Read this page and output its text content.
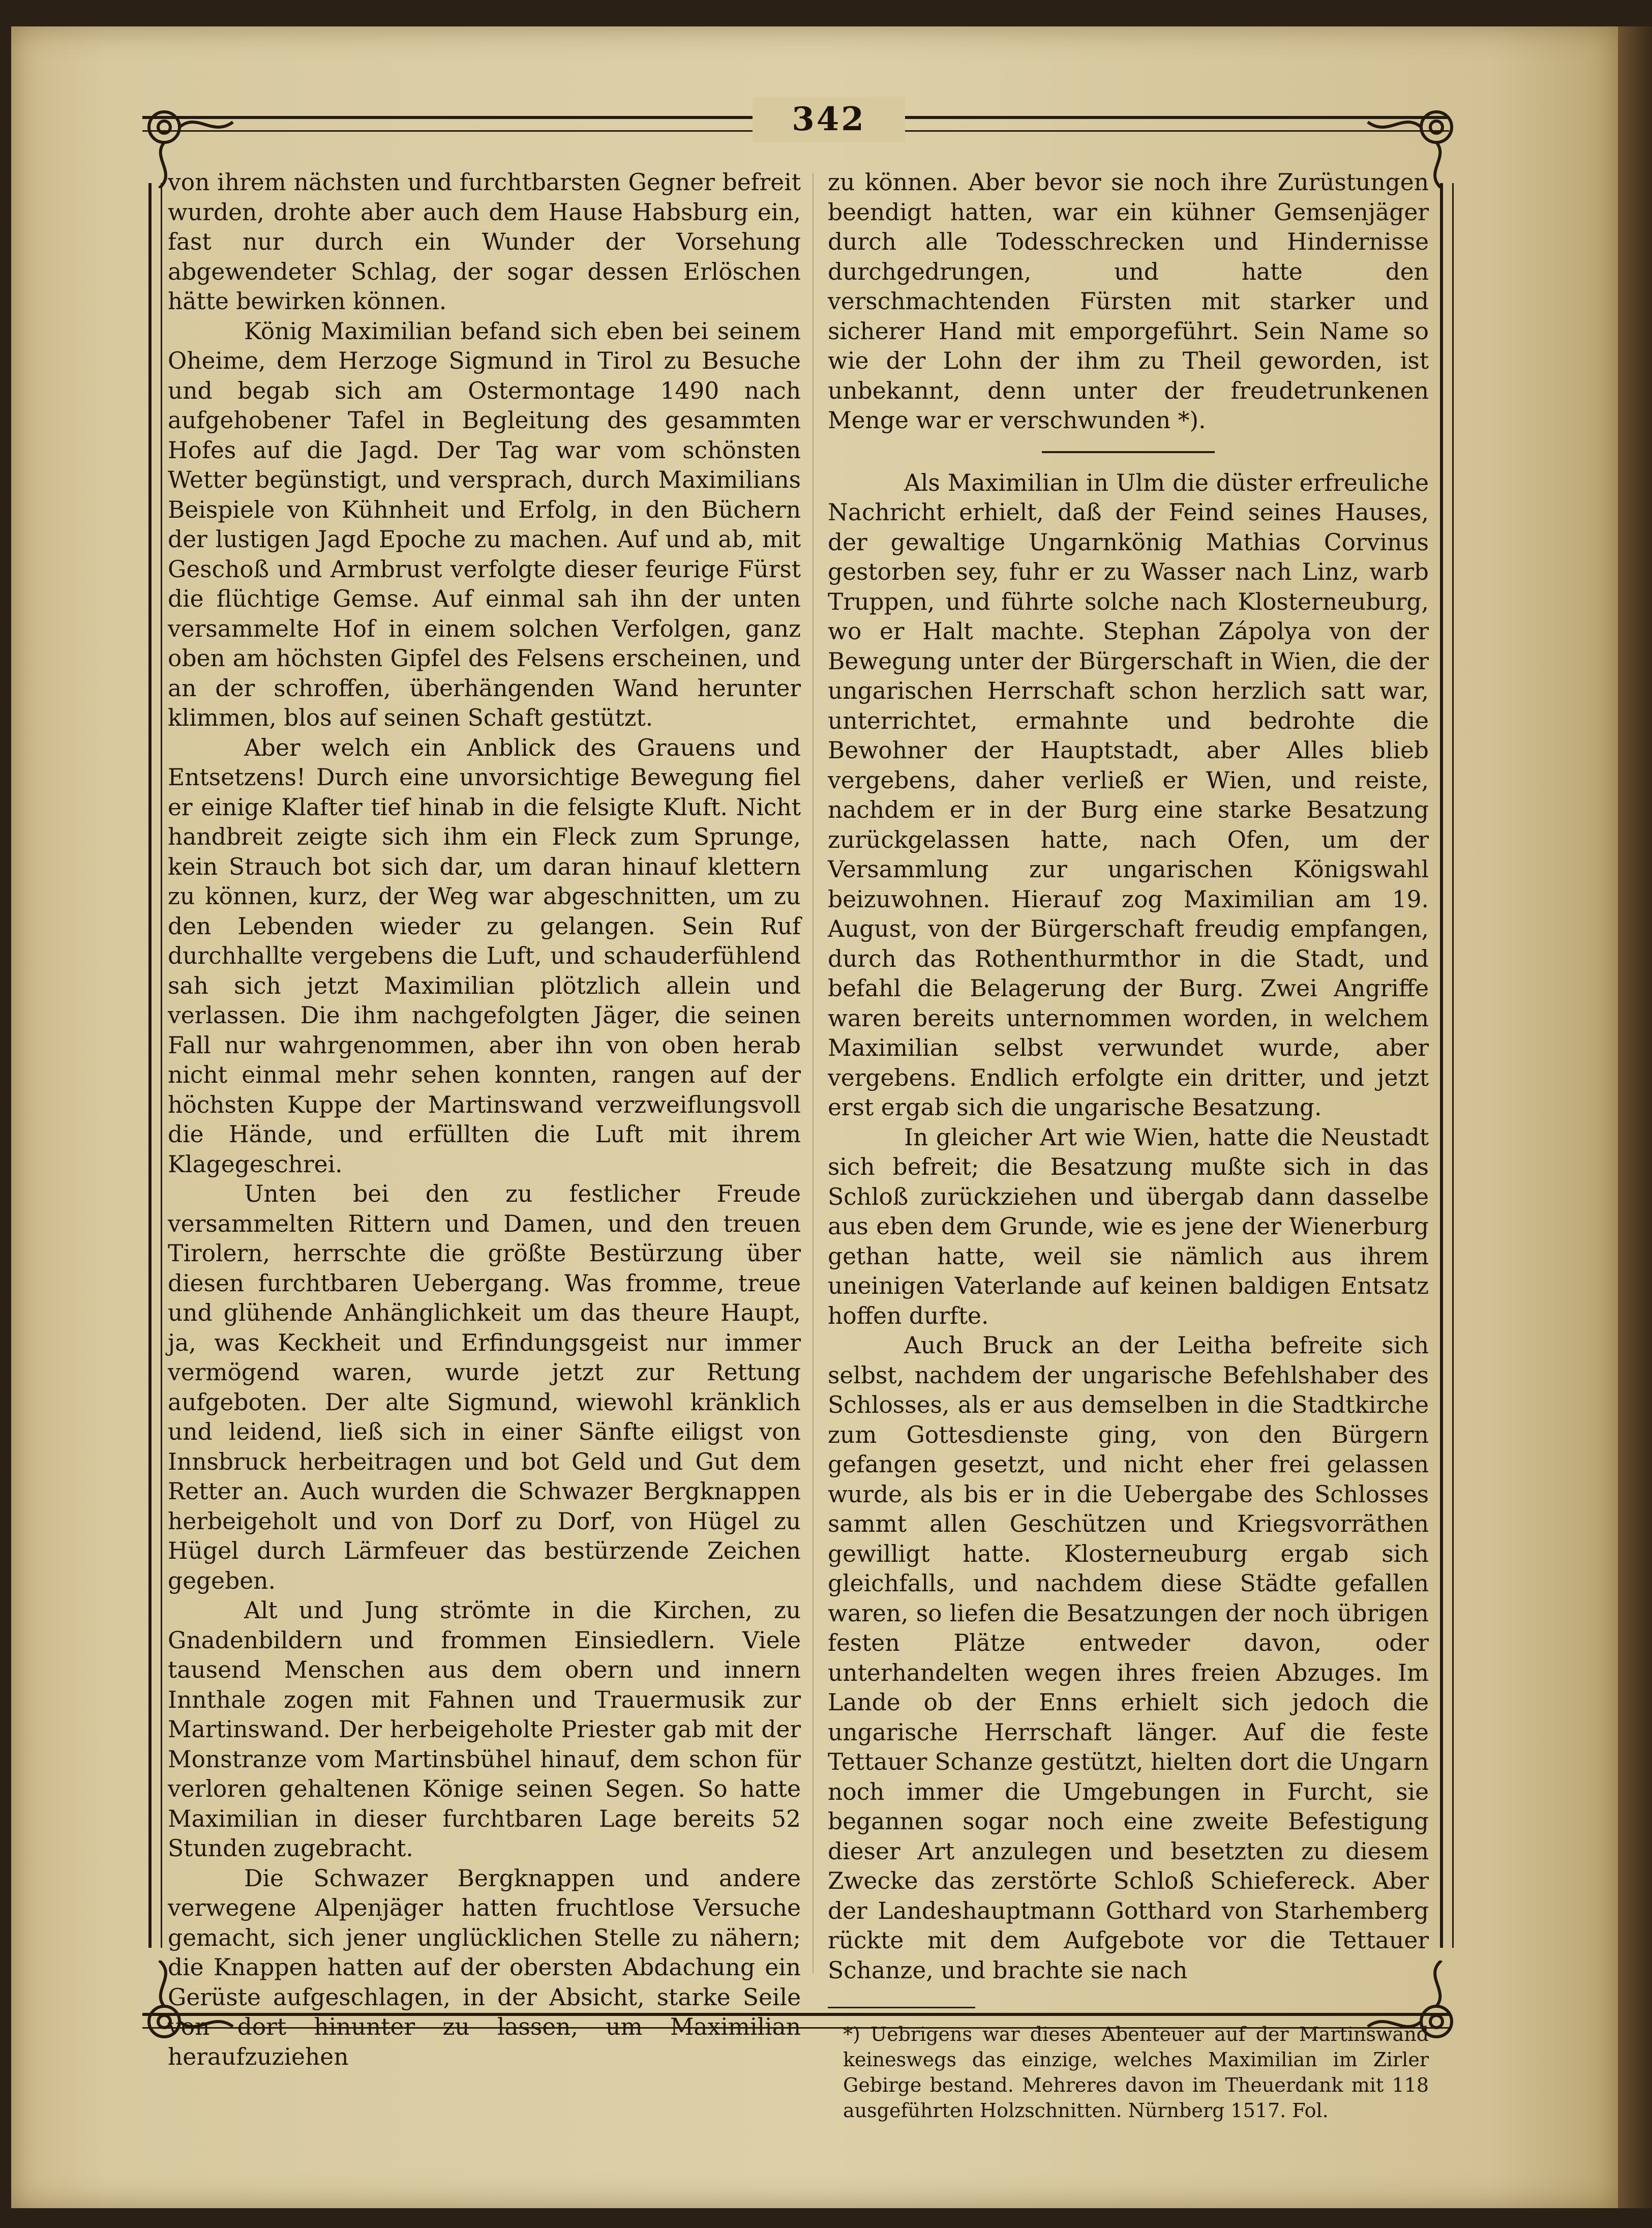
342

von ihrem nächsten und furchtbarsten Gegner befreit wurden, drohte aber auch dem Hause Habsburg ein, fast nur durch ein Wunder der Vorsehung abgewendeter Schlag, der sogar dessen Erlöschen hätte bewirken können.

König Maximilian befand sich eben bei seinem Oheime, dem Herzoge Sigmund in Tirol zu Besuche und begab sich am Ostermontage 1490 nach aufgehobener Tafel in Begleitung des gesammten Hofes auf die Jagd. Der Tag war vom schönsten Wetter begünstigt, und versprach, durch Maximilians Beispiele von Kühnheit und Erfolg, in den Büchern der lustigen Jagd Epoche zu machen. Auf und ab, mit Geschoß und Armbrust verfolgte dieser feurige Fürst die flüchtige Gemse. Auf einmal sah ihn der unten versammelte Hof in einem solchen Verfolgen, ganz oben am höchsten Gipfel des Felsens erscheinen, und an der schroffen, überhängenden Wand herunter klimmen, blos auf seinen Schaft gestützt.

Aber welch ein Anblick des Grauens und Entsetzens! Durch eine unvorsichtige Bewegung fiel er einige Klafter tief hinab in die felsigte Kluft. Nicht handbreit zeigte sich ihm ein Fleck zum Sprunge, kein Strauch bot sich dar, um daran hinauf klettern zu können, kurz, der Weg war abgeschnitten, um zu den Lebenden wieder zu gelangen. Sein Ruf durchhallte vergebens die Luft, und schauderfühlend sah sich jetzt Maximilian plötzlich allein und verlassen. Die ihm nachgefolgten Jäger, die seinen Fall nur wahrgenommen, aber ihn von oben herab nicht einmal mehr sehen konnten, rangen auf der höchsten Kuppe der Martinswand verzweiflungsvoll die Hände, und erfüllten die Luft mit ihrem Klagegeschrei.

Unten bei den zu festlicher Freude versammelten Rittern und Damen, und den treuen Tirolern, herrschte die größte Bestürzung über diesen furchtbaren Uebergang. Was fromme, treue und glühende Anhänglichkeit um das theure Haupt, ja, was Keckheit und Erfindungsgeist nur immer vermögend waren, wurde jetzt zur Rettung aufgeboten. Der alte Sigmund, wiewohl kränklich und leidend, ließ sich in einer Sänfte eiligst von Innsbruck herbeitragen und bot Geld und Gut dem Retter an. Auch wurden die Schwazer Bergknappen herbeigeholt und von Dorf zu Dorf, von Hügel zu Hügel durch Lärmfeuer das bestürzende Zeichen gegeben.

Alt und Jung strömte in die Kirchen, zu Gnadenbildern und frommen Einsiedlern. Viele tausend Menschen aus dem obern und innern Innthale zogen mit Fahnen und Trauermusik zur Martinswand. Der herbeigeholte Priester gab mit der Monstranze vom Martinsbühel hinauf, dem schon für verloren gehaltenen Könige seinen Segen. So hatte Maximilian in dieser furchtbaren Lage bereits 52 Stunden zugebracht.

Die Schwazer Bergknappen und andere verwegene Alpenjäger hatten fruchtlose Versuche gemacht, sich jener unglücklichen Stelle zu nähern; die Knappen hatten auf der obersten Abdachung ein Gerüste aufgeschlagen, in der Absicht, starke Seile von dort hinunter zu lassen, um Maximilian heraufzuziehen

zu können. Aber bevor sie noch ihre Zurüstungen beendigt hatten, war ein kühner Gemsenjäger durch alle Todesschrecken und Hindernisse durchgedrungen, und hatte den verschmachtenden Fürsten mit starker und sicherer Hand mit emporgeführt. Sein Name so wie der Lohn der ihm zu Theil geworden, ist unbekannt, denn unter der freudetrunkenen Menge war er verschwunden *).

Als Maximilian in Ulm die düster erfreuliche Nachricht erhielt, daß der Feind seines Hauses, der gewaltige Ungarnkönig Mathias Corvinus gestorben sey, fuhr er zu Wasser nach Linz, warb Truppen, und führte solche nach Klosterneuburg, wo er Halt machte. Stephan Zápolya von der Bewegung unter der Bürgerschaft in Wien, die der ungarischen Herrschaft schon herzlich satt war, unterrichtet, ermahnte und bedrohte die Bewohner der Hauptstadt, aber Alles blieb vergebens, daher verließ er Wien, und reiste, nachdem er in der Burg eine starke Besatzung zurückgelassen hatte, nach Ofen, um der Versammlung zur ungarischen Königswahl beizuwohnen. Hierauf zog Maximilian am 19. August, von der Bürgerschaft freudig empfangen, durch das Rothenthurmthor in die Stadt, und befahl die Belagerung der Burg. Zwei Angriffe waren bereits unternommen worden, in welchem Maximilian selbst verwundet wurde, aber vergebens. Endlich erfolgte ein dritter, und jetzt erst ergab sich die ungarische Besatzung.

In gleicher Art wie Wien, hatte die Neustadt sich befreit; die Besatzung mußte sich in das Schloß zurückziehen und übergab dann dasselbe aus eben dem Grunde, wie es jene der Wienerburg gethan hatte, weil sie nämlich aus ihrem uneinigen Vaterlande auf keinen baldigen Entsatz hoffen durfte.

Auch Bruck an der Leitha befreite sich selbst, nachdem der ungarische Befehlshaber des Schlosses, als er aus demselben in die Stadtkirche zum Gottesdienste ging, von den Bürgern gefangen gesetzt, und nicht eher frei gelassen wurde, als bis er in die Uebergabe des Schlosses sammt allen Geschützen und Kriegsvorräthen gewilligt hatte. Klosterneuburg ergab sich gleichfalls, und nachdem diese Städte gefallen waren, so liefen die Besatzungen der noch übrigen festen Plätze entweder davon, oder unterhandelten wegen ihres freien Abzuges. Im Lande ob der Enns erhielt sich jedoch die ungarische Herrschaft länger. Auf die feste Tettauer Schanze gestützt, hielten dort die Ungarn noch immer die Umgebungen in Furcht, sie begannen sogar noch eine zweite Befestigung dieser Art anzulegen und besetzten zu diesem Zwecke das zerstörte Schloß Schiefereck. Aber der Landeshauptmann Gotthard von Starhemberg rückte mit dem Aufgebote vor die Tettauer Schanze, und brachte sie nach

*) Uebrigens war dieses Abenteuer auf der Martinswand keineswegs das einzige, welches Maximilian im Zirler Gebirge bestand. Mehreres davon im Theuerdank mit 118 ausgeführten Holzschnitten. Nürnberg 1517. Fol.
